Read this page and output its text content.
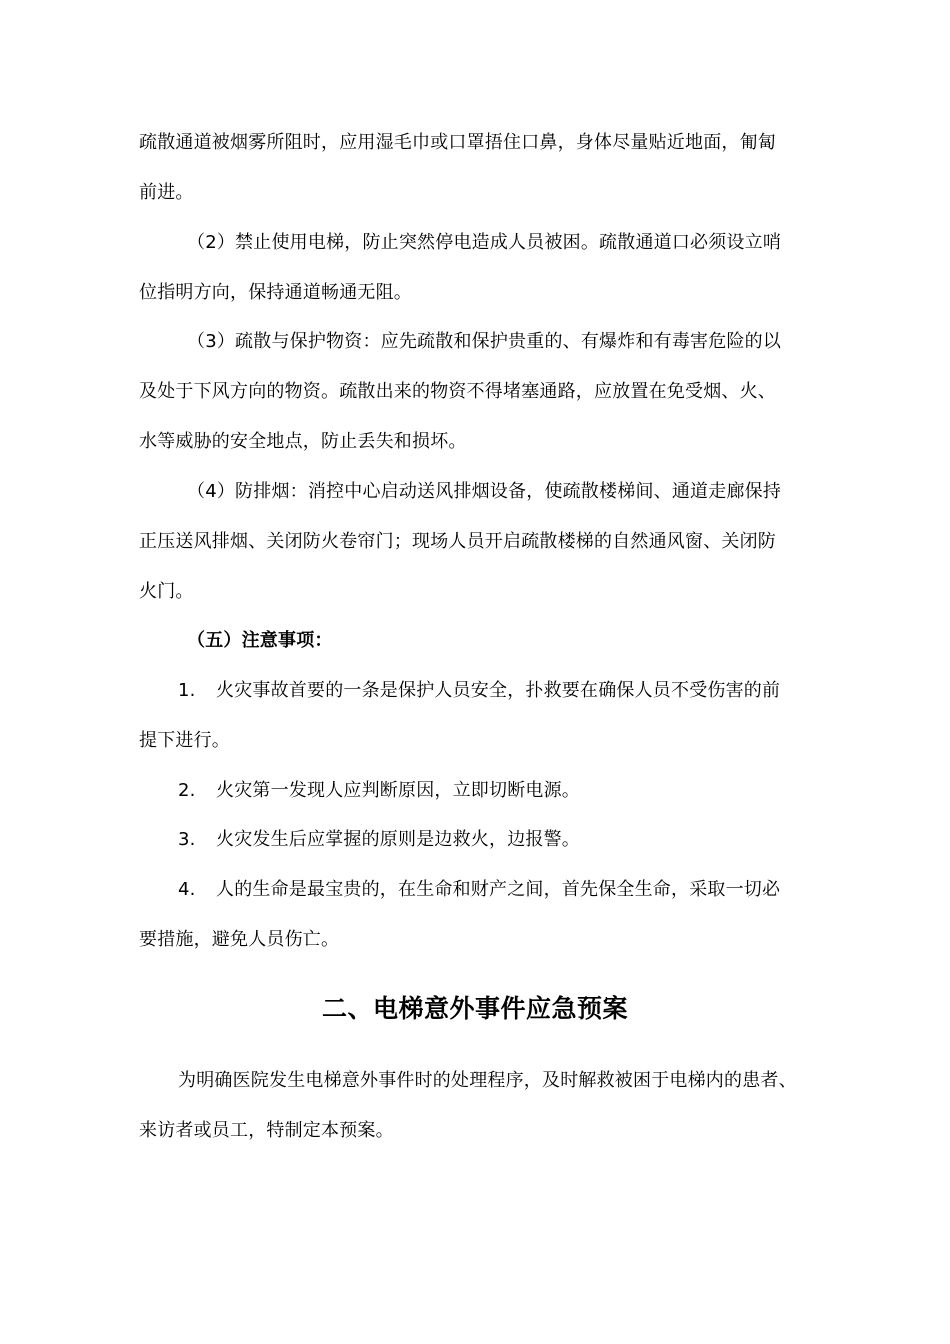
疏散通道被烟雾所阻时，应用湿毛巾或口罩捂住口鼻，身体尽量贴近地面，匍匐
前进。
（2）禁止使用电梯，防止突然停电造成人员被困。疏散通道口必须设立哨
位指明方向，保持通道畅通无阻。
（3）疏散与保护物资：应先疏散和保护贵重的、有爆炸和有毒害危险的以
及处于下风方向的物资。疏散出来的物资不得堵塞通路，应放置在免受烟、火、
水等威胁的安全地点，防止丢失和损坏。
（4）防排烟：消控中心启动送风排烟设备，使疏散楼梯间、通道走廊保持
正压送风排烟、关闭防火卷帘门；现场人员开启疏散楼梯的自然通风窗、关闭防
火门。
（五）注意事项：
1. 火灾事故首要的一条是保护人员安全，扑救要在确保人员不受伤害的前
提下进行。
2. 火灾第一发现人应判断原因，立即切断电源。
3. 火灾发生后应掌握的原则是边救火，边报警。
4. 人的生命是最宝贵的，在生命和财产之间，首先保全生命，采取一切必
要措施，避免人员伤亡。
二、电梯意外事件应急预案
为明确医院发生电梯意外事件时的处理程序，及时解救被困于电梯内的患者、
来访者或员工，特制定本预案。
